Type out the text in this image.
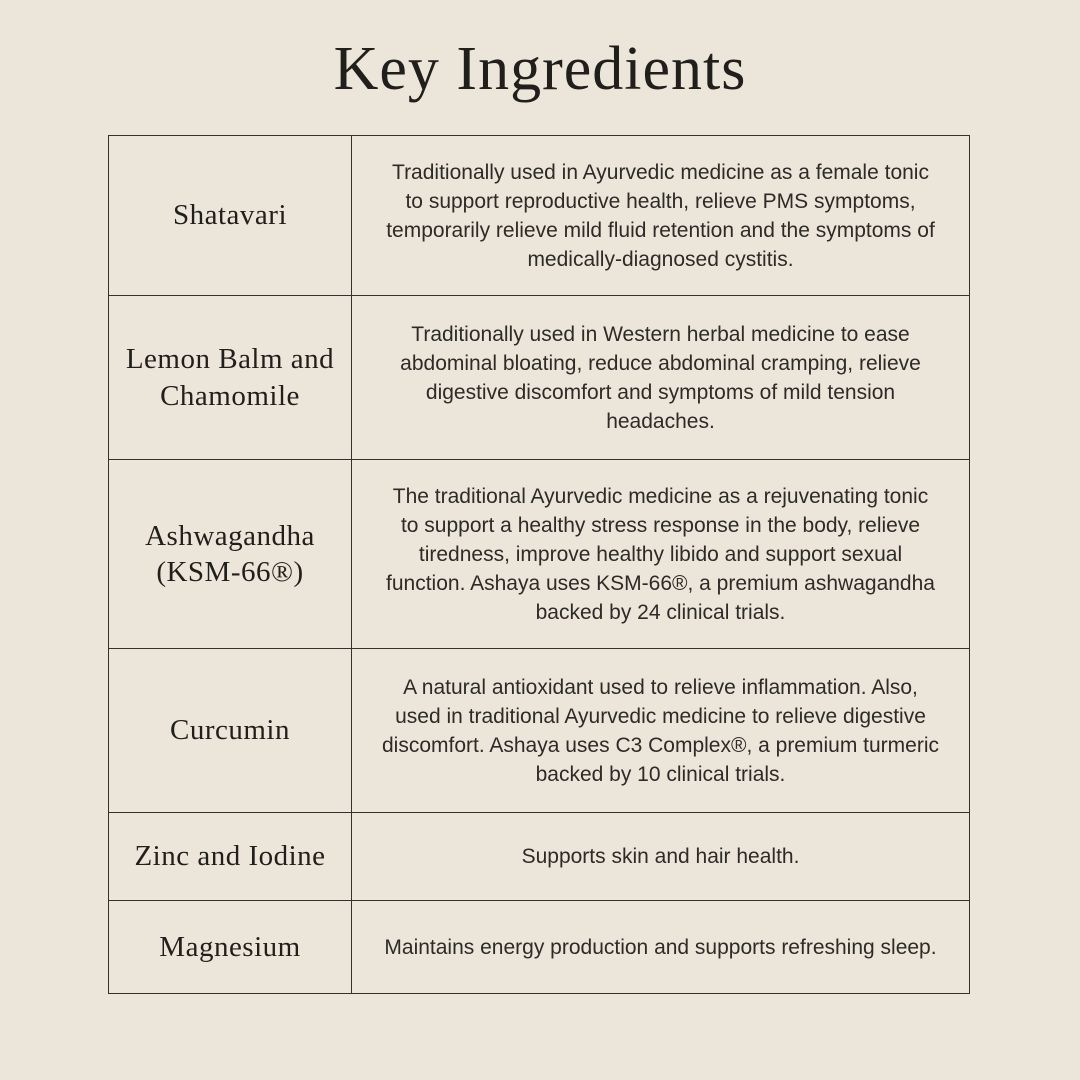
Key Ingredients
Shatavari
Traditionally used in Ayurvedic medicine as a female tonic to support reproductive health, relieve PMS symptoms, temporarily relieve mild fluid retention and the symptoms of medically-diagnosed cystitis.
Lemon Balm and Chamomile
Traditionally used in Western herbal medicine to ease abdominal bloating, reduce abdominal cramping, relieve digestive discomfort and symptoms of mild tension headaches.
Ashwagandha (KSM-66®)
The traditional Ayurvedic medicine as a rejuvenating tonic to support a healthy stress response in the body, relieve tiredness, improve healthy libido and support sexual function. Ashaya uses KSM-66®, a premium ashwagandha backed by 24 clinical trials.
Curcumin
A natural antioxidant used to relieve inflammation. Also, used in traditional Ayurvedic medicine to relieve digestive discomfort. Ashaya uses C3 Complex®, a premium turmeric backed by 10 clinical trials.
Zinc and Iodine	Supports skin and hair health.
Magnesium	Maintains energy production and supports refreshing sleep.
